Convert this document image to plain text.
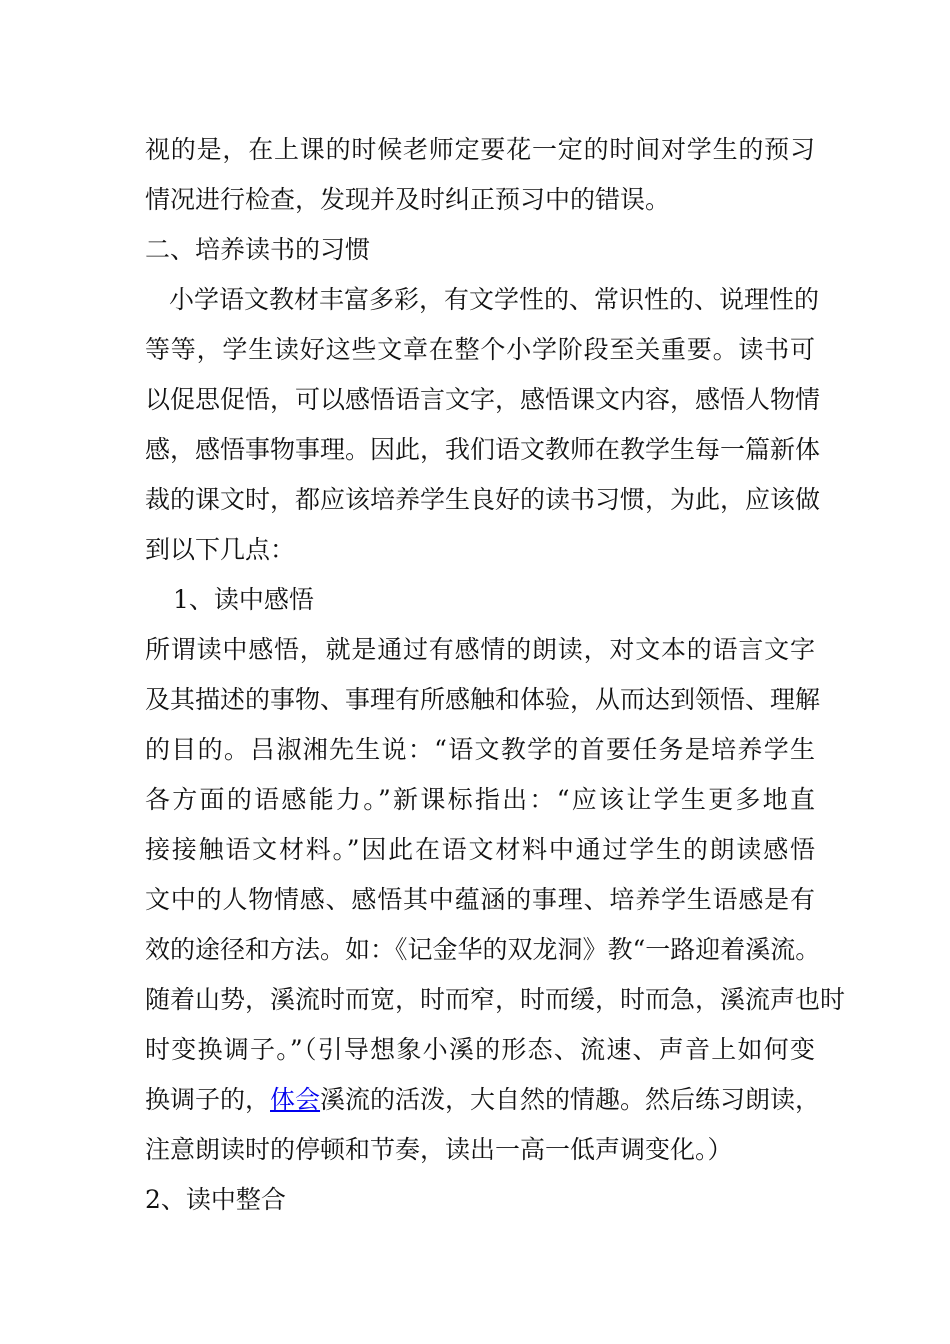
视的是，在上课的时候老师定要花一定的时间对学生的预习
情况进行检查，发现并及时纠正预习中的错误。
二、培养读书的习惯
小学语文教材丰富多彩，有文学性的、常识性的、说理性的
等等，学生读好这些文章在整个小学阶段至关重要。读书可
以促思促悟，可以感悟语言文字，感悟课文内容，感悟人物情
感，感悟事物事理。因此，我们语文教师在教学生每一篇新体
裁的课文时，都应该培养学生良好的读书习惯，为此，应该做
到以下几点：
1、读中感悟
所谓读中感悟，就是通过有感情的朗读，对文本的语言文字
及其描述的事物、事理有所感触和体验，从而达到领悟、理解
的目的。吕淑湘先生说：“语文教学的首要任务是培养学生
各方面的语感能力。”新课标指出：“应该让学生更多地直
接接触语文材料。”因此在语文材料中通过学生的朗读感悟
文中的人物情感、感悟其中蕴涵的事理、培养学生语感是有
效的途径和方法。如：《记金华的双龙洞》教“一路迎着溪流。
随着山势，溪流时而宽，时而窄，时而缓，时而急，溪流声也时
时变换调子。”（引导想象小溪的形态、流速、声音上如何变
换调子的，体会溪流的活泼，大自然的情趣。然后练习朗读，
注意朗读时的停顿和节奏，读出一高一低声调变化。）
2、读中整合
